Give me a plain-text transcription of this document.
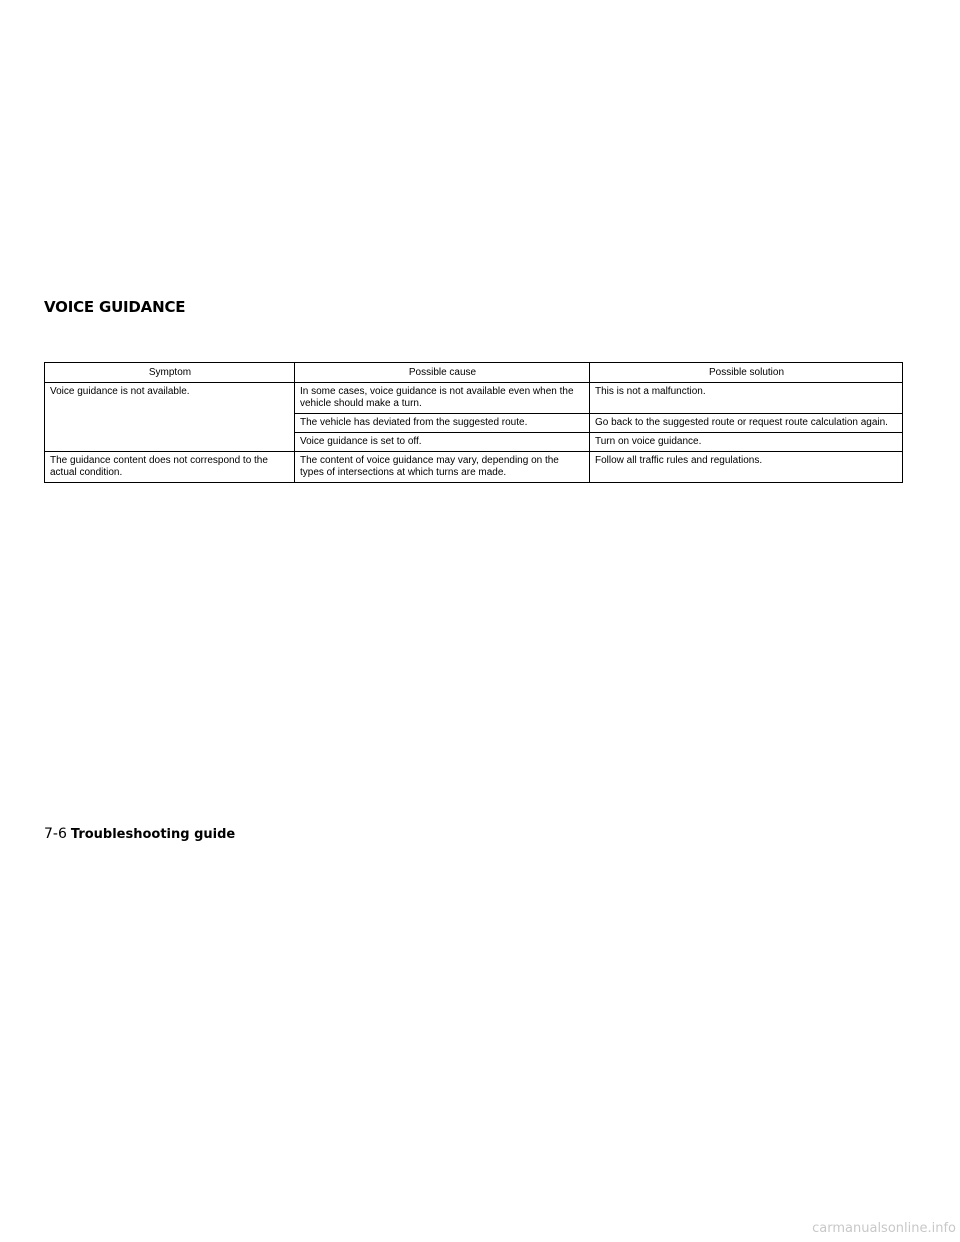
VOICE GUIDANCE
Symptom	Possible cause	Possible solution
Voice guidance is not available.	In some cases, voice guidance is not available even when the vehicle should make a turn.	This is not a malfunction.
	The vehicle has deviated from the suggested route.	Go back to the suggested route or request route calculation again.
	Voice guidance is set to off.	Turn on voice guidance.
The guidance content does not correspond to the actual condition.	The content of voice guidance may vary, depending on the types of intersections at which turns are made.	Follow all traffic rules and regulations.
7-6 Troubleshooting guide
carmanualsonline.info
